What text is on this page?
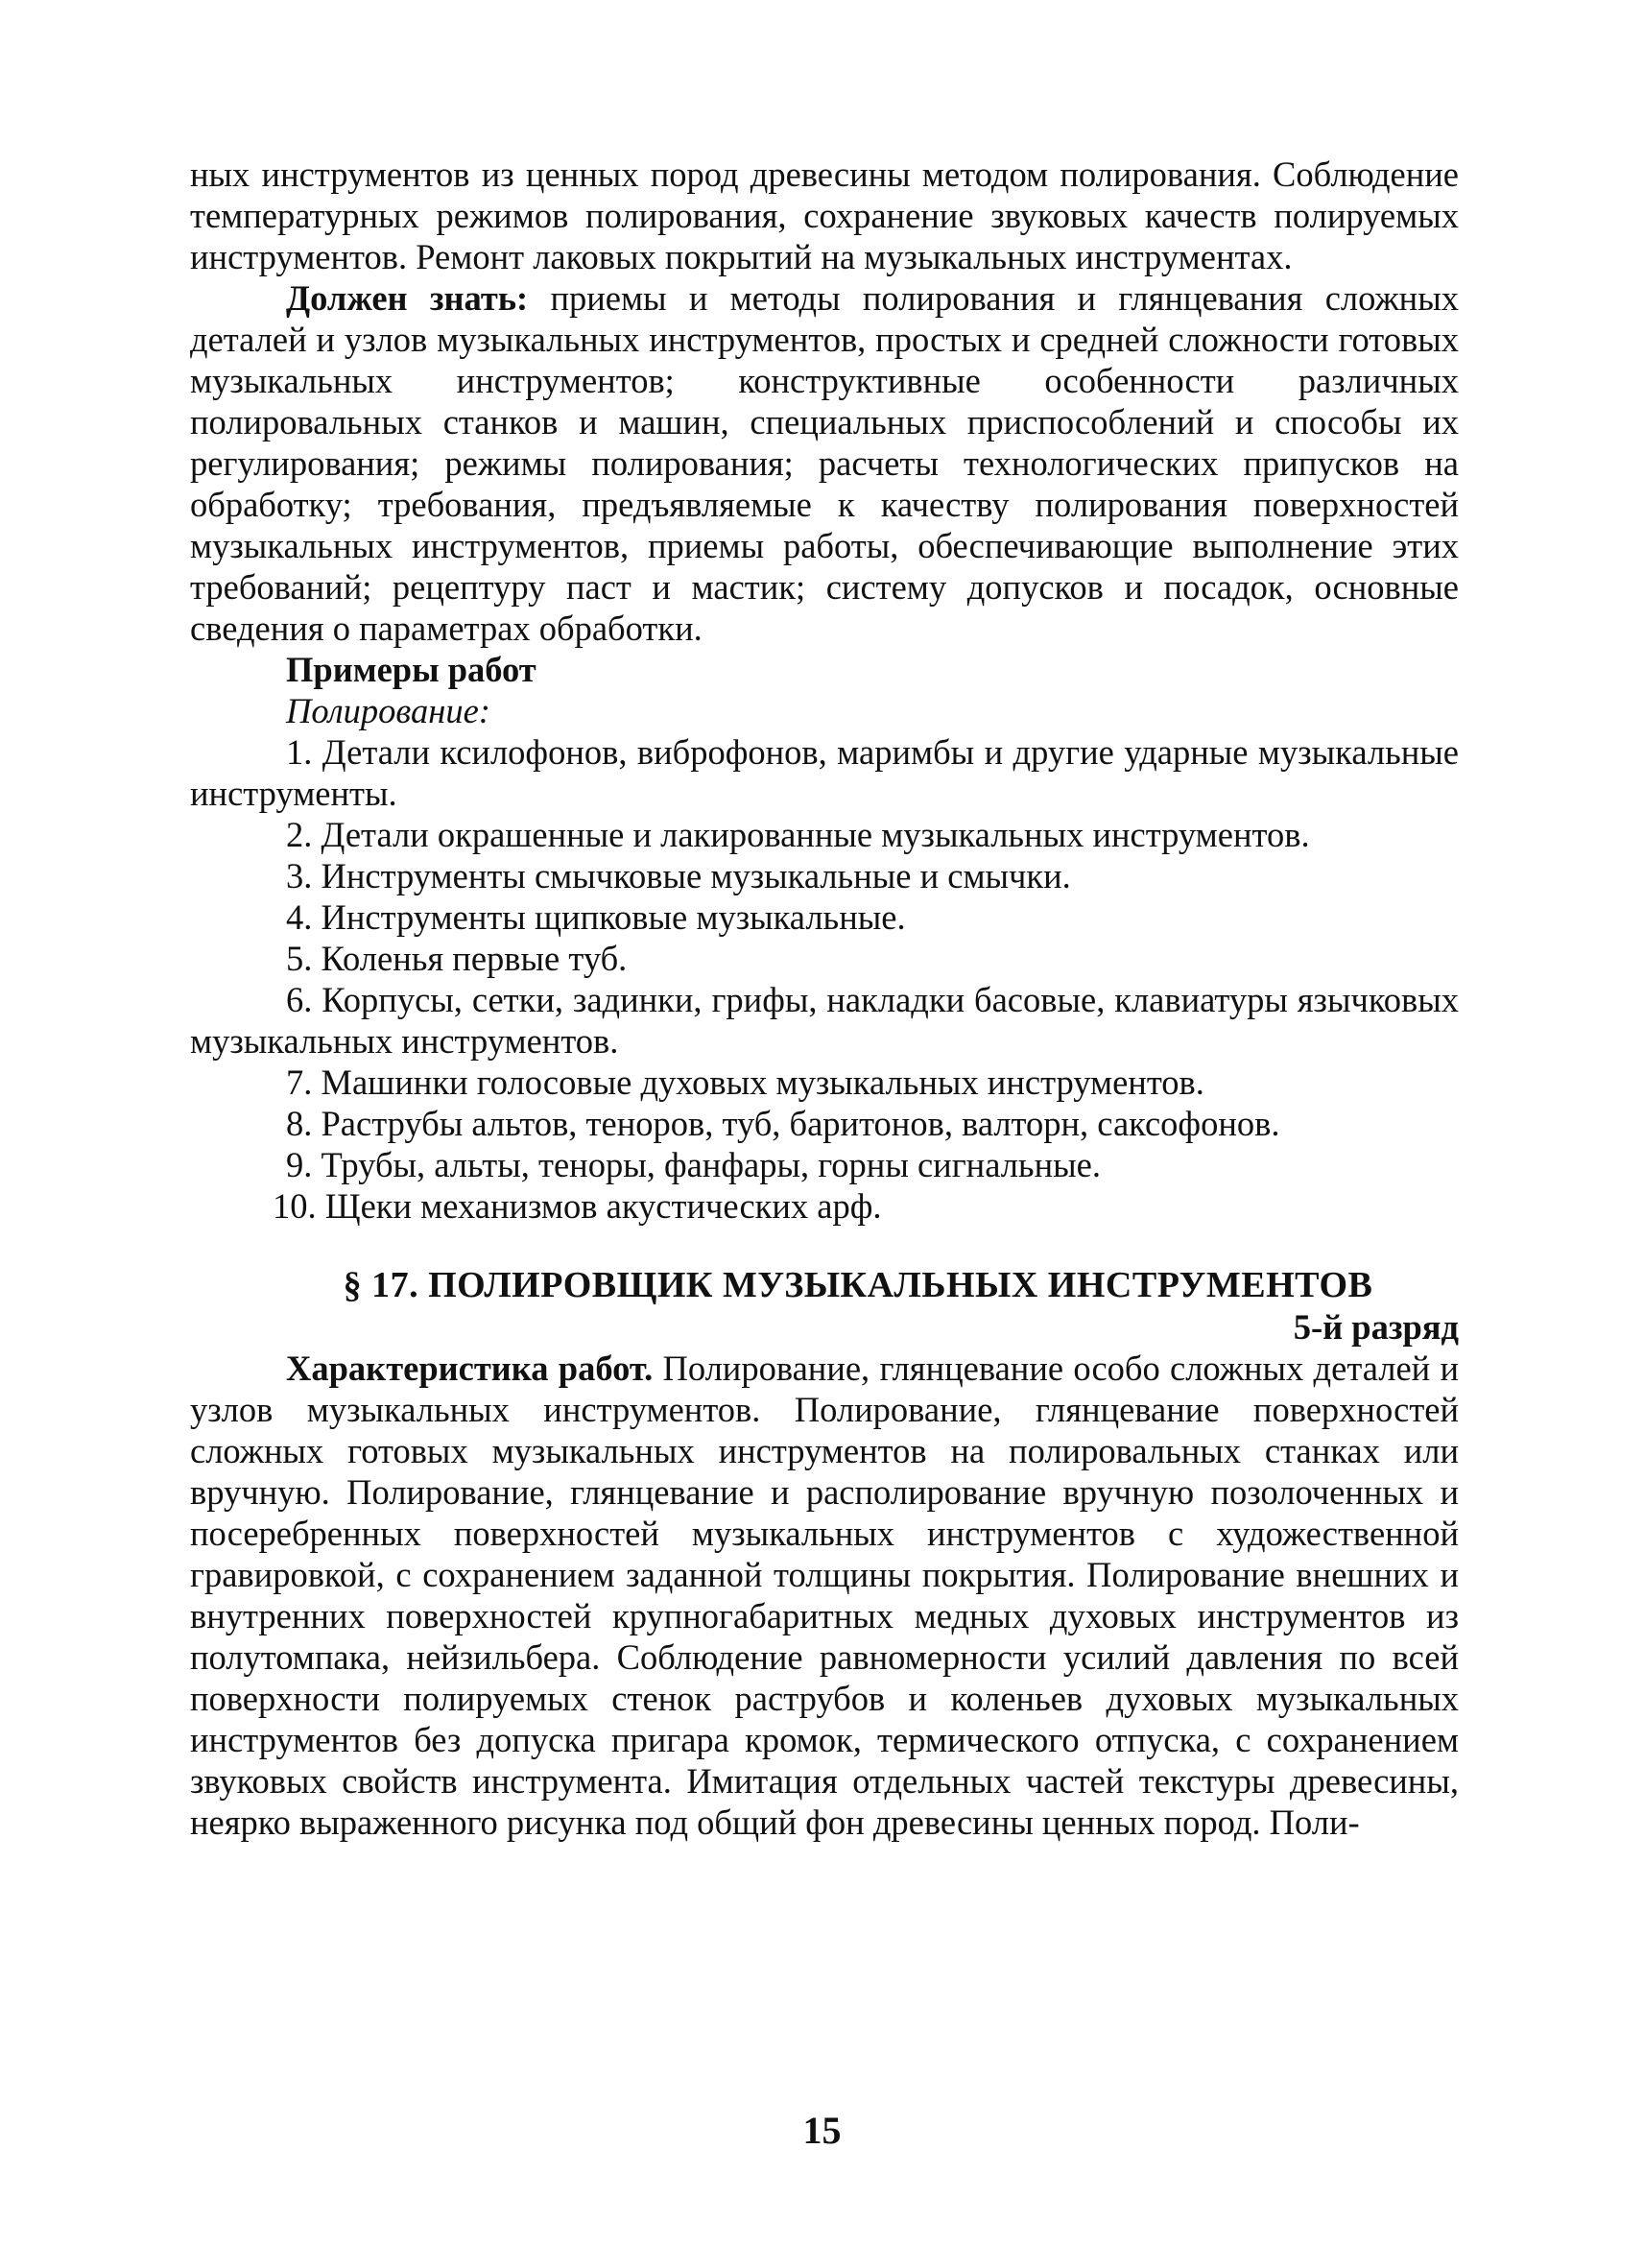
ных инструментов из ценных пород древесины методом полирования. Соблюдение температурных режимов полирования, сохранение звуковых качеств полируемых инструментов. Ремонт лаковых покрытий на музыкальных инструментах.

Должен знать: приемы и методы полирования и глянцевания сложных деталей и узлов музыкальных инструментов, простых и средней сложности готовых музыкальных инструментов; конструктивные особенности различных полировальных станков и машин, специальных приспособлений и способы их регулирования; режимы полирования; расчеты технологических припусков на обработку; требования, предъявляемые к качеству полирования поверхностей музыкальных инструментов, приемы работы, обеспечивающие выполнение этих требований; рецептуру паст и мастик; систему допусков и посадок, основные сведения о параметрах обработки.

Примеры работ

Полирование:

1. Детали ксилофонов, виброфонов, маримбы и другие ударные музыкальные инструменты.
2. Детали окрашенные и лакированные музыкальных инструментов.
3. Инструменты смычковые музыкальные и смычки.
4. Инструменты щипковые музыкальные.
5. Коленья первые туб.
6. Корпусы, сетки, задинки, грифы, накладки басовые, клавиатуры язычковых музыкальных инструментов.
7. Машинки голосовые духовых музыкальных инструментов.
8. Раструбы альтов, теноров, туб, баритонов, валторн, саксофонов.
9. Трубы, альты, теноры, фанфары, горны сигнальные.
10. Щеки механизмов акустических арф.

§ 17. ПОЛИРОВЩИК МУЗЫКАЛЬНЫХ ИНСТРУМЕНТОВ

5-й разряд

Характеристика работ. Полирование, глянцевание особо сложных деталей и узлов музыкальных инструментов. Полирование, глянцевание поверхностей сложных готовых музыкальных инструментов на полировальных станках или вручную. Полирование, глянцевание и располирование вручную позолоченных и посеребренных поверхностей музыкальных инструментов с художественной гравировкой, с сохранением заданной толщины покрытия. Полирование внешних и внутренних поверхностей крупногабаритных медных духовых инструментов из полутомпака, нейзильбера. Соблюдение равномерности усилий давления по всей поверхности полируемых стенок раструбов и коленьев духовых музыкальных инструментов без допуска пригара кромок, термического отпуска, с сохранением звуковых свойств инструмента. Имитация отдельных частей текстуры древесины, неярко выраженного рисунка под общий фон древесины ценных пород. Поли-

15
